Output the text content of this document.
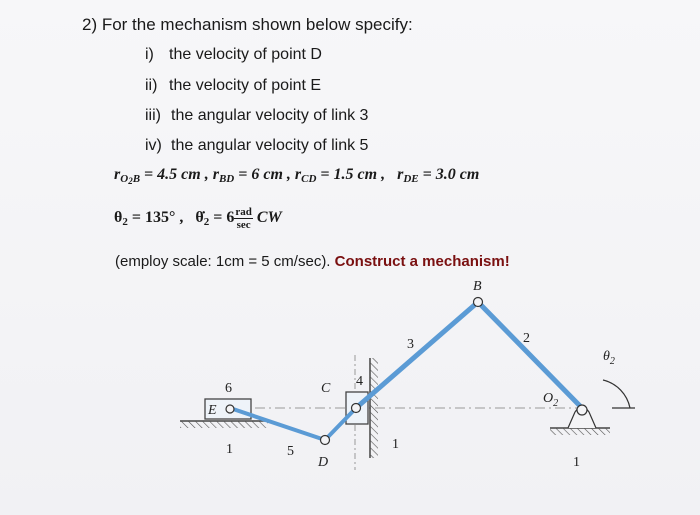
2) For the mechanism shown below specify:
i) the velocity of point D
ii) the velocity of point E
iii) the angular velocity of link 3
iv) the angular velocity of link 5
$r_{O_2B} = 4.5$ cm , $r_{BD} = 6$ cm , $r_{CD} = 1.5$ cm ,   $r_{DE} = 3.0$ cm
$\theta_2 = 135^\circ$ ,   $\thetȧ_2 = 6 \frac{\text{rad}}{\sec}$ CW
(employ scale: 1cm = 5 cm/sec). Construct a mechanism!
B
C
D
E
$O_2$
$\theta_2$
6
1	5
4
3	2
1
1
